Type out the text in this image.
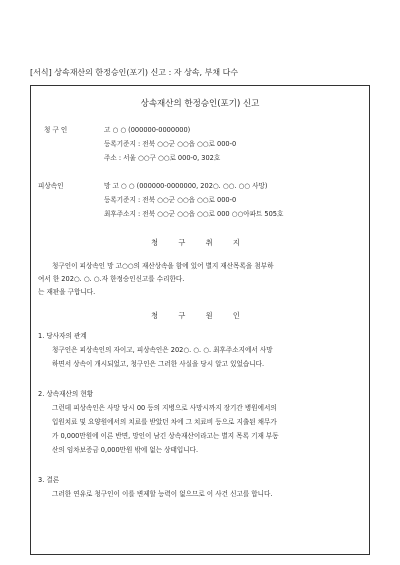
[서식] 상속재산의 한정승인(포기) 신고 : 자 상속, 부채 다수
상속재산의 한정승인(포기) 신고
청 구 인	고 ○ ○ (000000-0000000)
등록기준지 : 전북 ○○군 ○○읍 ○○로 000-0
주소 : 서울 ○○구 ○○로 000-0, 302호
피상속인	망 고 ○ ○ (000000-0000000, 202○. ○○. ○○ 사망)
등록기준지 : 전북 ○○군 ○○읍 ○○로 000-0
최후주소지 : 전북 ○○군 ○○읍 ○○로 000 ○○아파트 505호
청 구 취 지
청구인이 피상속인 망 고○○의 재산상속을 함에 있어 별지 재산목록을 첨부하
여서 한 202○. ○. ○.자 한정승인신고를 수리한다.
는 재판을 구합니다.
청 구 원 인
1. 당사자의 관계
청구인은 피상속인의 자이고, 피상속인은 202○. ○. ○. 최후주소지에서 사망
하면서 상속이 개시되었고, 청구인은 그러한 사실을 당시 알고 있었습니다.
2. 상속재산의 현황
그런데 피상속인은 사망 당시 00 등의 지병으로 사망시까지 장기간 병원에서의
입원치료 및 요양원에서의 치료를 받았던 차에 그 치료비 등으로 지출된 채무가
가 0,000만원에 이른 반면, 망인이 남긴 상속재산이라고는 별지 목록 기재 부동
산의 임차보증금 0,000만원 밖에 없는 상태입니다.
3. 결론
그러한 연유로 청구인이 이를 변제할 능력이 없으므로 이 사건 신고를 합니다.
